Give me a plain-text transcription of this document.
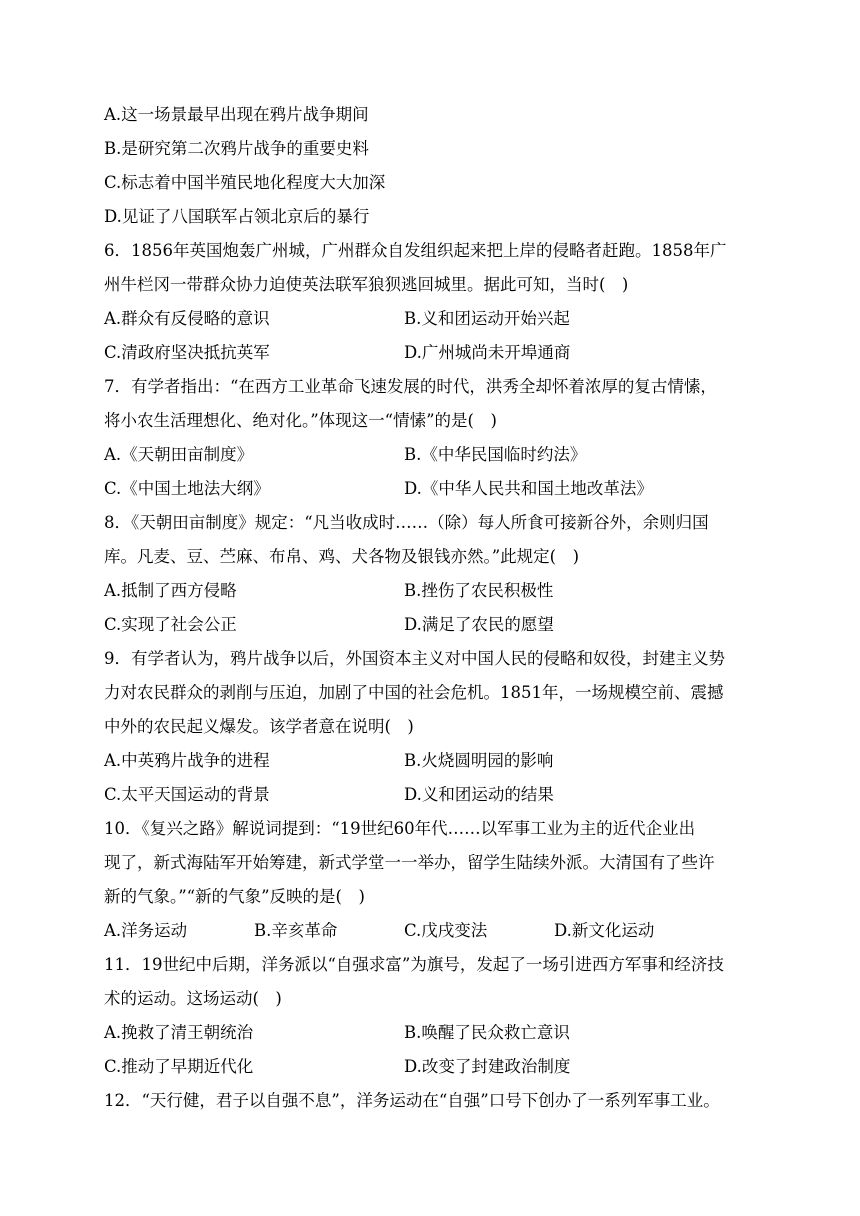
A.这一场景最早出现在鸦片战争期间
B.是研究第二次鸦片战争的重要史料
C.标志着中国半殖民地化程度大大加深
D.见证了八国联军占领北京后的暴行
6．1856年英国炮轰广州城，广州群众自发组织起来把上岸的侵略者赶跑。1858年广
州牛栏冈一带群众协力迫使英法联军狼狈逃回城里。据此可知，当时(　)
A.群众有反侵略的意识	B.义和团运动开始兴起
C.清政府坚决抵抗英军	D.广州城尚未开埠通商
7．有学者指出：“在西方工业革命飞速发展的时代，洪秀全却怀着浓厚的复古情愫，
将小农生活理想化、绝对化。”体现这一“情愫”的是(　)
A.《天朝田亩制度》	B.《中华民国临时约法》
C.《中国土地法大纲》	D.《中华人民共和国土地改革法》
8．《天朝田亩制度》规定：“凡当收成时……（除）每人所食可接新谷外，余则归国
库。凡麦、豆、苎麻、布帛、鸡、犬各物及银钱亦然。”此规定(　)
A.抵制了西方侵略	B.挫伤了农民积极性
C.实现了社会公正	D.满足了农民的愿望
9．有学者认为，鸦片战争以后，外国资本主义对中国人民的侵略和奴役，封建主义势
力对农民群众的剥削与压迫，加剧了中国的社会危机。1851年，一场规模空前、震撼
中外的农民起义爆发。该学者意在说明(　)
A.中英鸦片战争的进程	B.火烧圆明园的影响
C.太平天国运动的背景	D.义和团运动的结果
10．《复兴之路》解说词提到：“19世纪60年代……以军事工业为主的近代企业出
现了，新式海陆军开始筹建，新式学堂一一举办，留学生陆续外派。大清国有了些许
新的气象。”“新的气象”反映的是(　)
A.洋务运动	B.辛亥革命	C.戊戌变法	D.新文化运动
11．19世纪中后期，洋务派以“自强求富”为旗号，发起了一场引进西方军事和经济技
术的运动。这场运动(　)
A.挽救了清王朝统治	B.唤醒了民众救亡意识
C.推动了早期近代化	D.改变了封建政治制度
12．“天行健，君子以自强不息”，洋务运动在“自强”口号下创办了一系列军事工业。
